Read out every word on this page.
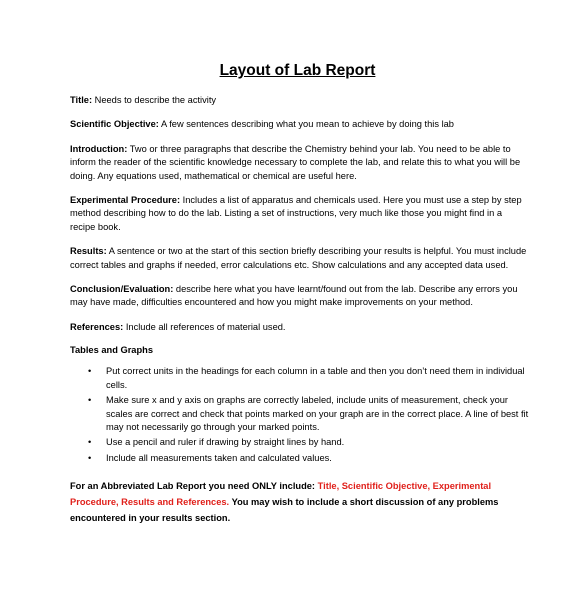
Layout of Lab Report

Title: Needs to describe the activity

Scientific Objective: A few sentences describing what you mean to achieve by doing this lab

Introduction: Two or three paragraphs that describe the Chemistry behind your lab. You need to be able to inform the reader of the scientific knowledge necessary to complete the lab, and relate this to what you will be doing. Any equations used, mathematical or chemical are useful here.

Experimental Procedure: Includes a list of apparatus and chemicals used. Here you must use a step by step method describing how to do the lab. Listing a set of instructions, very much like those you might find in a recipe book.

Results: A sentence or two at the start of this section briefly describing your results is helpful. You must include correct tables and graphs if needed, error calculations etc. Show calculations and any accepted data used.

Conclusion/Evaluation: describe here what you have learnt/found out from the lab. Describe any errors you may have made, difficulties encountered and how you might make improvements on your method.

References: Include all references of material used.

Tables and Graphs
• Put correct units in the headings for each column in a table and then you don’t need them in individual cells.
• Make sure x and y axis on graphs are correctly labeled, include units of measurement, check your scales are correct and check that points marked on your graph are in the correct place. A line of best fit may not necessarily go through your marked points.
• Use a pencil and ruler if drawing by straight lines by hand.
• Include all measurements taken and calculated values.

For an Abbreviated Lab Report you need ONLY include: Title, Scientific Objective, Experimental Procedure, Results and References. You may wish to include a short discussion of any problems encountered in your results section.
